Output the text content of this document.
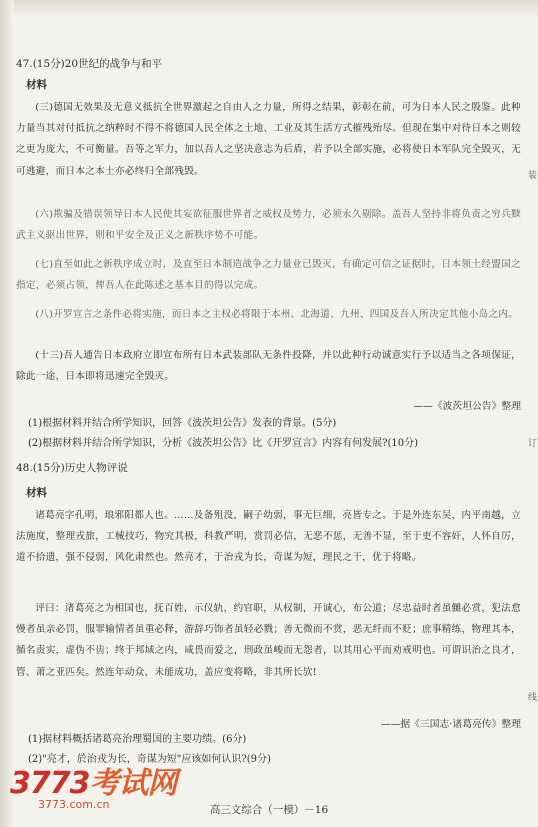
47.(15分)20世纪的战争与和平
材料
(三)德国无效果及无意义抵抗全世界激起之自由人之力量，所得之结果，彰彰在前，可为日本人民之殷鉴。此种力量当其对付抵抗之纳粹时不得不将德国人民全体之土地、工业及其生活方式摧残殆尽。但现在集中对待日本之则较之更为庞大，不可衡量。吾等之军力，加以吾人之坚决意志为后盾，若予以全部实施，必将使日本军队完全毁灭，无可逃避，而日本之本土亦必终归全部残毁。
(六)欺骗及错误领导日本人民使其妄欲征服世界者之威权及势力，必须永久剔除。盖吾人坚持非将负责之穷兵黩武主义驱出世界，则和平安全及正义之新秩序势不可能。
(七)直至如此之新秩序成立时，及直至日本制造战争之力量业已毁灭，有确定可信之证据时，日本领土经盟国之指定，必须占领，俾吾人在此陈述之基本目的得以完成。
(八)开罗宣言之条件必将实施，而日本之主权必将限于本州、北海道、九州、四国及吾人所决定其他小岛之内。
(十三)吾人通告日本政府立即宣布所有日本武装部队无条件投降，并以此种行动诚意实行予以适当之各项保证，除此一途，日本即将迅速完全毁灭。
——《波茨坦公告》整理
(1)根据材料并结合所学知识，回答《波茨坦公告》发表的背景。(5分)
(2)根据材料并结合所学知识，分析《波茨坦公告》比《开罗宣言》内容有何发展?(10分)
48.(15分)历史人物评说
材料
诸葛亮字孔明，琅邪阳都人也。……及备殂没，嗣子幼弱，事无巨细，亮皆专之。于是外连东吴，内平南越，立法施度，整理戎旅，工械技巧，物究其极，科教严明，赏罚必信，无恶不惩，无善不显，至于吏不容奸，人怀自厉，道不拾遗，强不侵弱，风化肃然也。然亮才，于治戎为长，奇谋为短，理民之干，优于将略。
评曰：诸葛亮之为相国也，抚百姓，示仪轨，约官职，从权制，开诚心，布公道；尽忠益时者虽雠必赏，犯法怠慢者虽亲必罚，服罪输情者虽重必释，游辞巧饰者虽轻必戮；善无微而不赏，恶无纤而不贬；庶事精练，物理其本，循名责实，虚伪不齿；终于邦域之内，咸畏而爱之，刑政虽峻而无怨者，以其用心平而劝戒明也。可谓识治之良才，管、萧之亚匹矣。然连年动众，未能成功，盖应变将略，非其所长欤!
——据《三国志·诸葛亮传》整理
(1)据材料概括诸葛亮治理蜀国的主要功绩。(6分)
(2)"亮才，於治戎为长，奇谋为短"应该如何认识?(9分)
装
订
线
3773考试网
3773.com.cn	高三文综合（一模）－16
